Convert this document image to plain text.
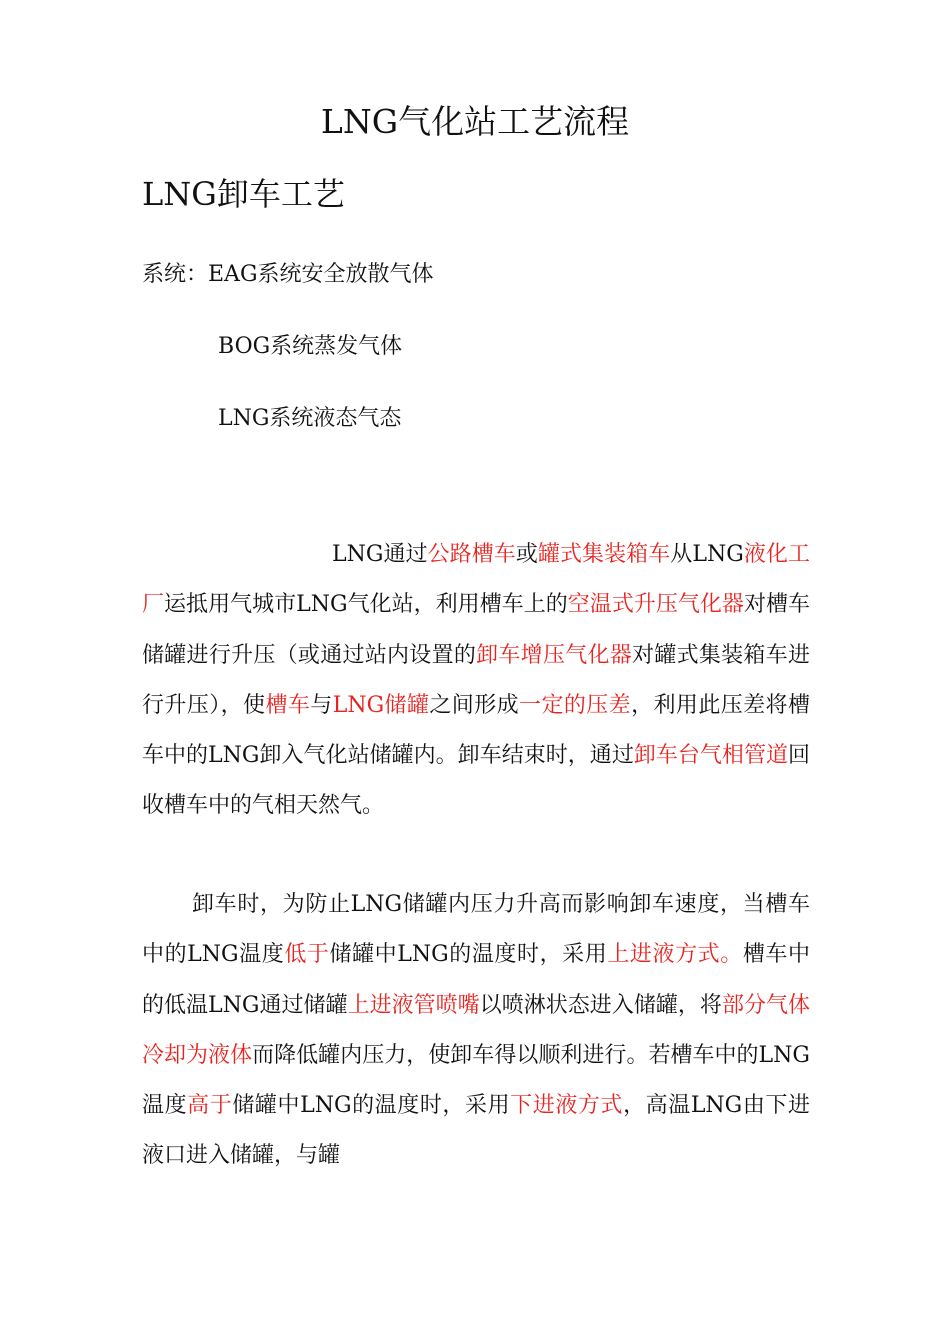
LNG气化站工艺流程
LNG卸车工艺
系统：EAG系统安全放散气体
BOG系统蒸发气体
LNG系统液态气态

LNG通过公路槽车或罐式集装箱车从LNG液化工厂运抵用气城市LNG气化站，利用槽车上的空温式升压气化器对槽车储罐进行升压（或通过站内设置的卸车增压气化器对罐式集装箱车进行升压），使槽车与LNG储罐之间形成一定的压差，利用此压差将槽车中的LNG卸入气化站储罐内。卸车结束时，通过卸车台气相管道回收槽车中的气相天然气。

卸车时，为防止LNG储罐内压力升高而影响卸车速度，当槽车中的LNG温度低于储罐中LNG的温度时，采用上进液方式。槽车中的低温LNG通过储罐上进液管喷嘴以喷淋状态进入储罐，将部分气体冷却为液体而降低罐内压力，使卸车得以顺利进行。若槽车中的LNG温度高于储罐中LNG的温度时，采用下进液方式，高温LNG由下进液口进入储罐，与罐
